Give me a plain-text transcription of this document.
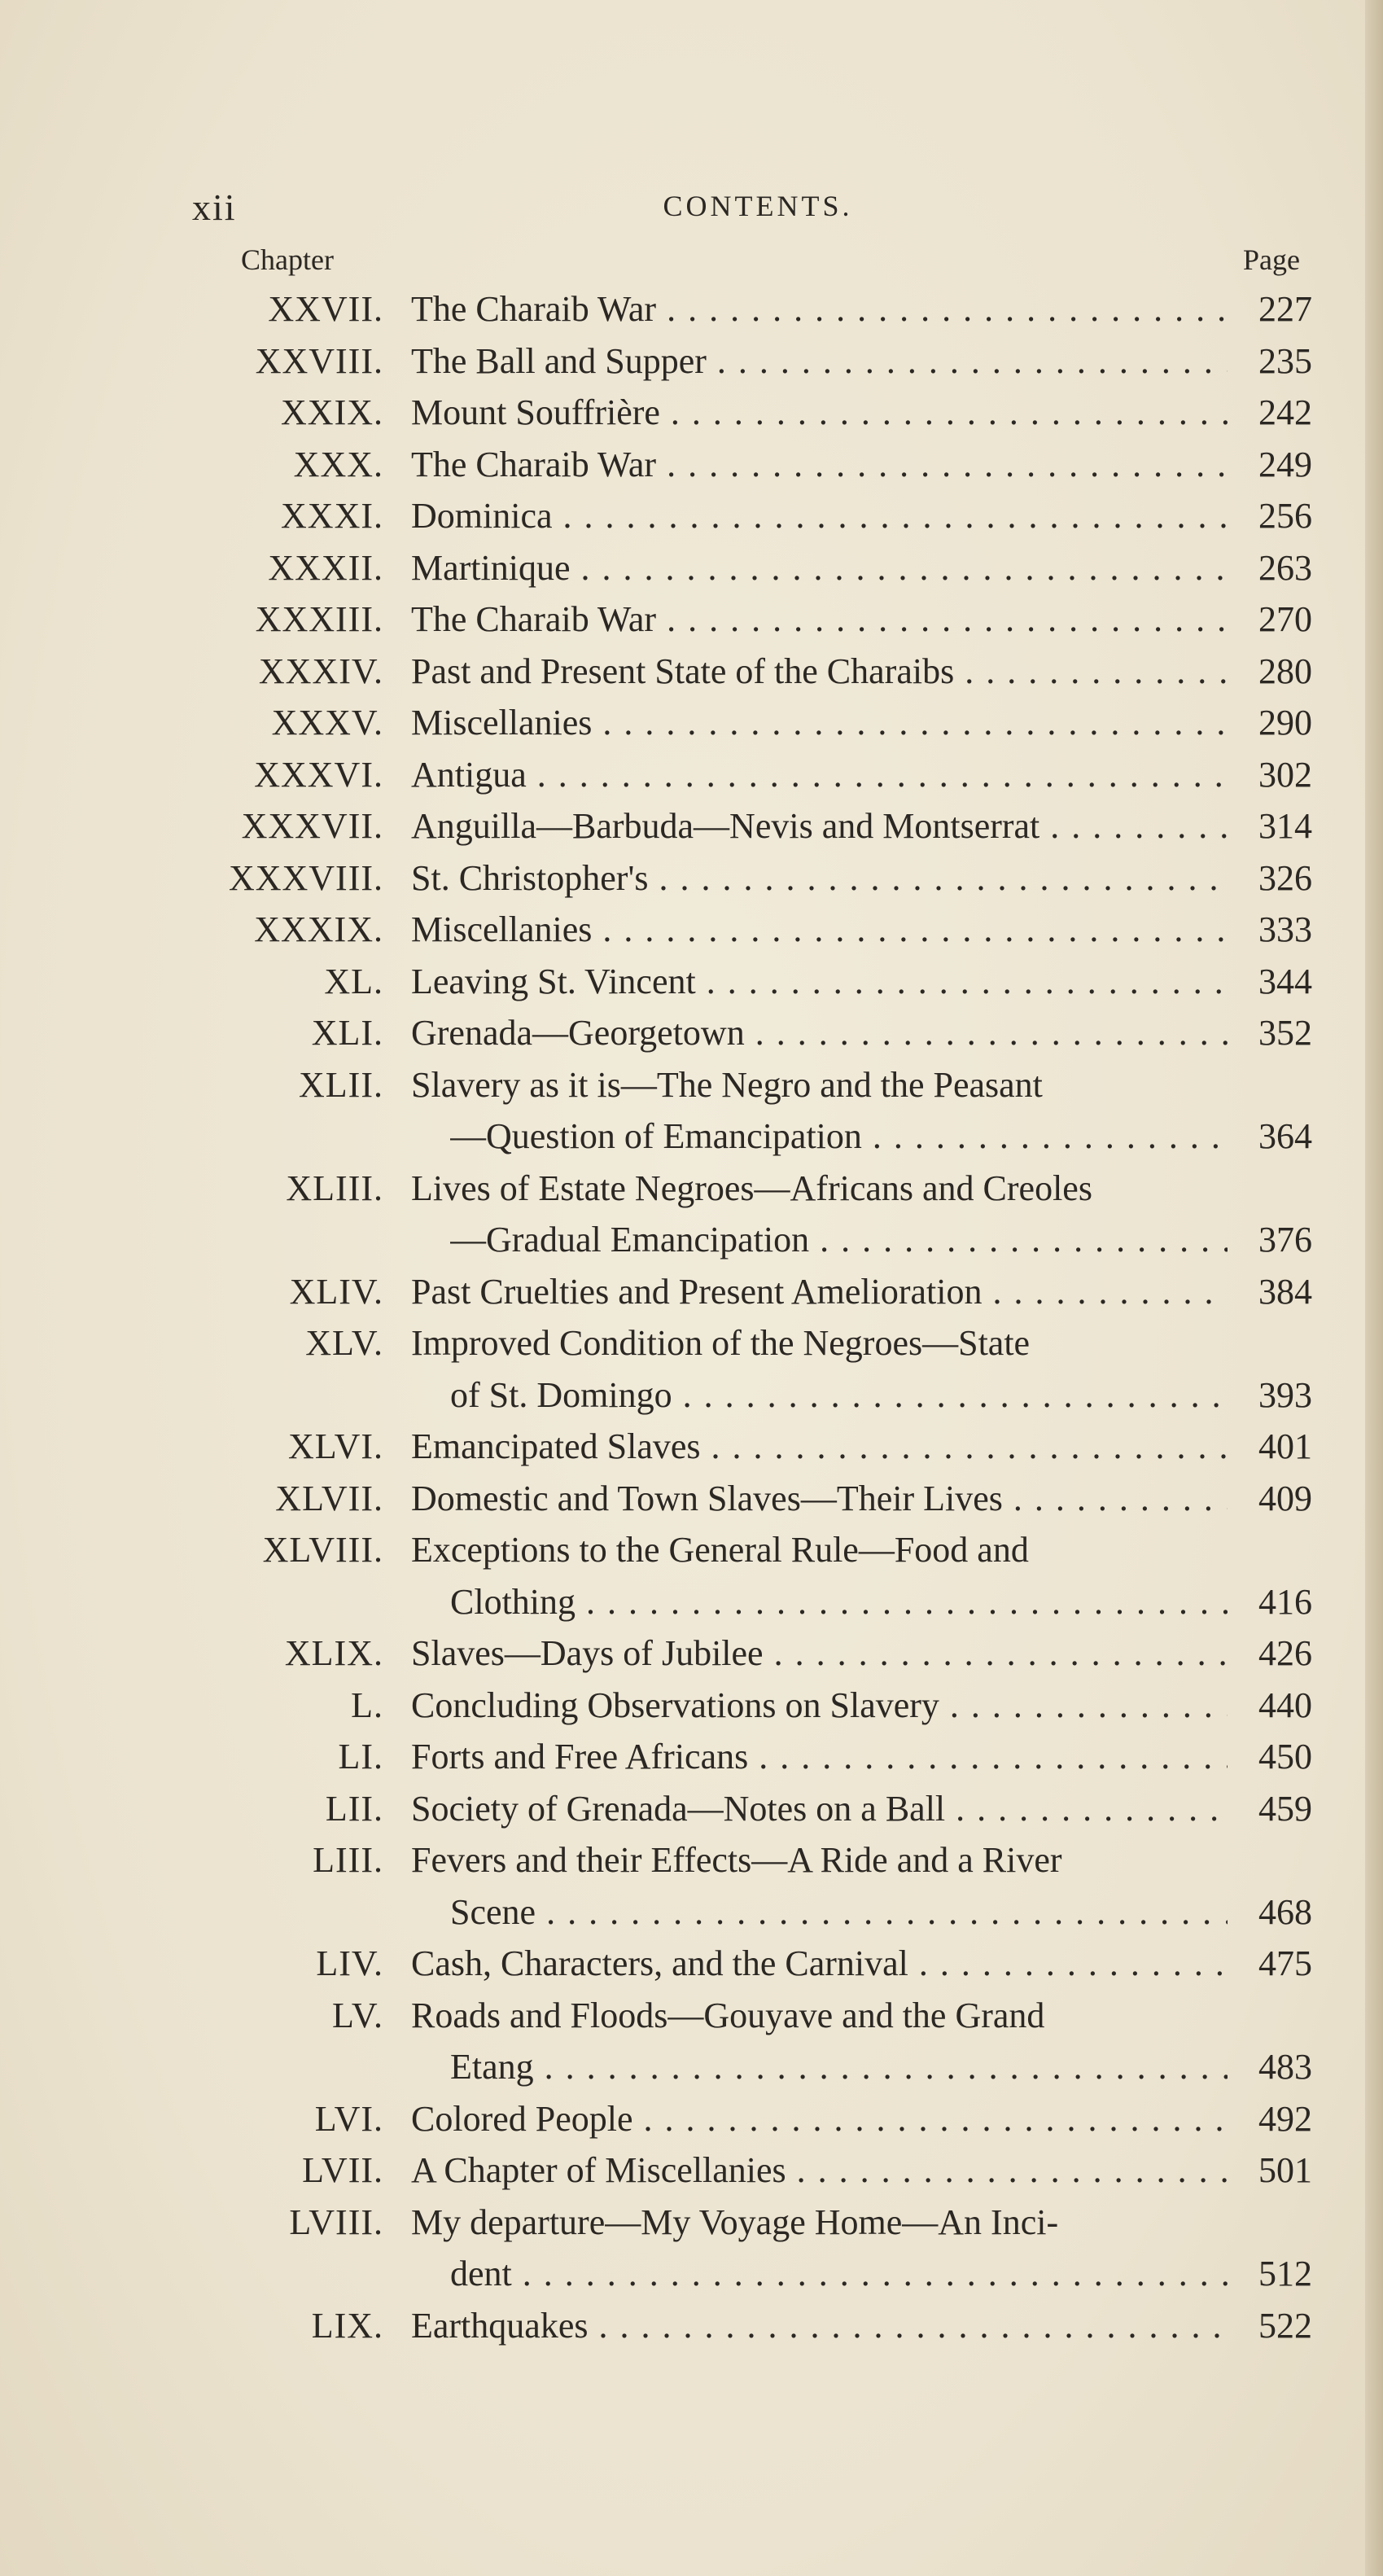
xii	CONTENTS.
Chapter	Page
XXVII. The Charaib War . . .	227
XXVIII. The Ball and Supper . . .	235
XXIX. Mount Souffrière . . .	242
XXX. The Charaib War . . .	249
XXXI. Dominica . . .	256
XXXII. Martinique . . .	263
XXXIII. The Charaib War . . .	270
XXXIV. Past and Present State of the Charaibs . . .	280
XXXV. Miscellanies . . .	290
XXXVI. Antigua . . .	302
XXXVII. Anguilla—Barbuda—Nevis and Montserrat . . .	314
XXXVIII. St. Christopher's . . .	326
XXXIX. Miscellanies . . .	333
XL. Leaving St. Vincent . . .	344
XLI. Grenada—Georgetown . . .	352
XLII. Slavery as it is—The Negro and the Peasant
—Question of Emancipation . . .	364
XLIII. Lives of Estate Negroes—Africans and Creoles
—Gradual Emancipation . . .	376
XLIV. Past Cruelties and Present Amelioration . . .	384
XLV. Improved Condition of the Negroes—State
of St. Domingo . . .	393
XLVI. Emancipated Slaves . . .	401
XLVII. Domestic and Town Slaves—Their Lives . . .	409
XLVIII. Exceptions to the General Rule—Food and
Clothing . . .	416
XLIX. Slaves—Days of Jubilee . . .	426
L. Concluding Observations on Slavery . . .	440
LI. Forts and Free Africans . . .	450
LII. Society of Grenada—Notes on a Ball . . .	459
LIII. Fevers and their Effects—A Ride and a River
Scene . . .	468
LIV. Cash, Characters, and the Carnival . . .	475
LV. Roads and Floods—Gouyave and the Grand
Etang . . .	483
LVI. Colored People . . .	492
LVII. A Chapter of Miscellanies . . .	501
LVIII. My departure—My Voyage Home—An Inci-
dent . . .	512
LIX. Earthquakes . . .	522
